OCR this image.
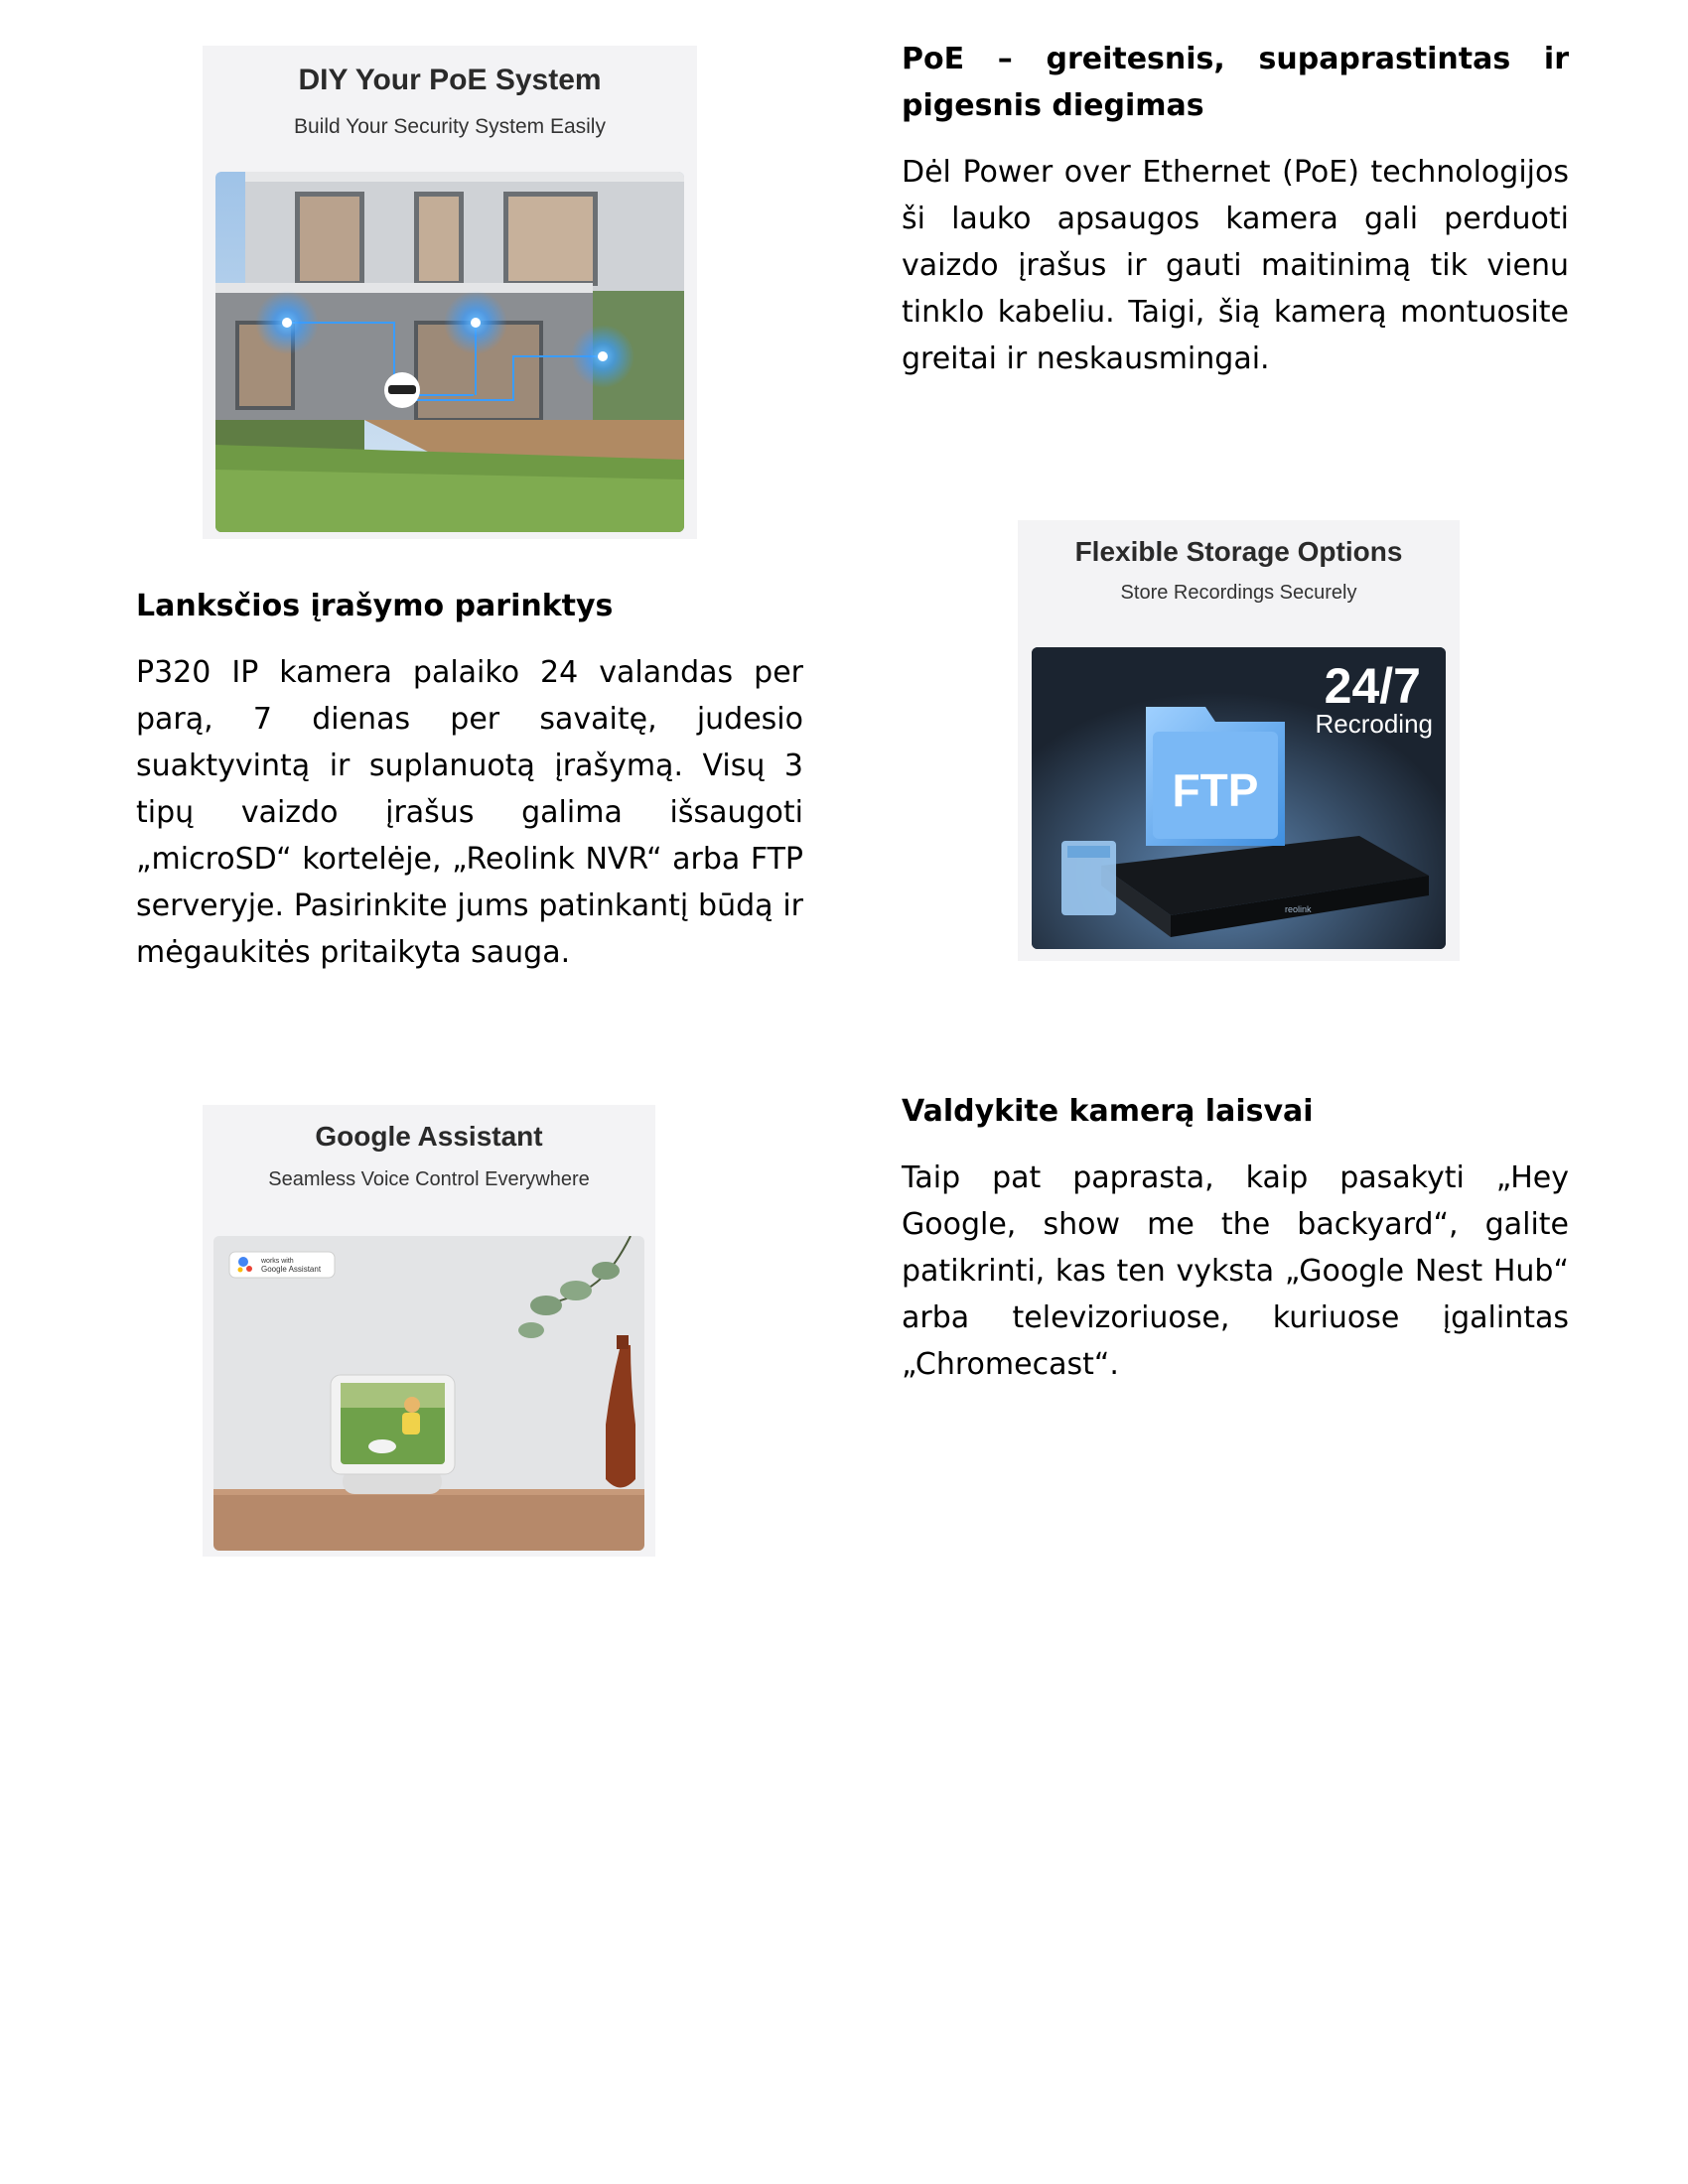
DIY Your PoE System
Build Your Security System Easily

PoE – greitesnis, supaprastintas ir pigesnis diegimas

Dėl Power over Ethernet (PoE) technologijos ši lauko apsaugos kamera gali perduoti vaizdo įrašus ir gauti maitinimą tik vienu tinklo kabeliu. Taigi, šią kamerą montuosite greitai ir neskausmingai.

Lanksčios įrašymo parinktys

P320 IP kamera palaiko 24 valandas per parą, 7 dienas per savaitę, judesio suaktyvintą ir suplanuotą įrašymą. Visų 3 tipų vaizdo įrašus galima išsaugoti „microSD“ kortelėje, „Reolink NVR“ arba FTP serveryje. Pasirinkite jums patinkantį būdą ir mėgaukitės pritaikyta sauga.

Flexible Storage Options
Store Recordings Securely
FTP
reolink
24/7
Recroding
Google Assistant
Seamless Voice Control Everywhere
works with
Google Assistant

Valdykite kamerą laisvai

Taip pat paprasta, kaip pasakyti „Hey Google, show me the backyard“, galite patikrinti, kas ten vyksta „Google Nest Hub“ arba televizoriuose, kuriuose įgalintas „Chromecast“.
